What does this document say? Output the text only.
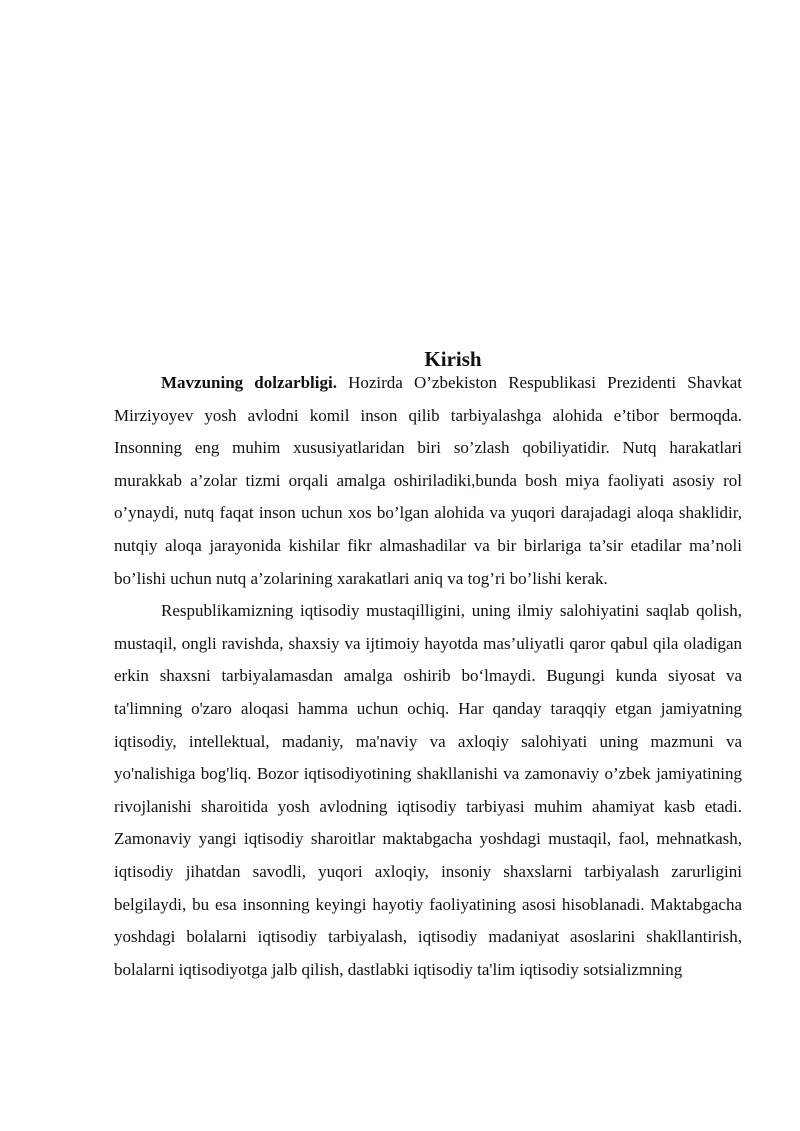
Kirish

Mavzuning dolzarbligi. Hozirda O’zbekiston Respublikasi Prezidenti Shavkat Mirziyoyev yosh avlodni komil inson qilib tarbiyalashga alohida e’tibor bermoqda. Insonning eng muhim xususiyatlaridan biri so’zlash qobiliyatidir. Nutq harakatlari murakkab a’zolar tizmi orqali amalga oshiriladiki,bunda bosh miya faoliyati asosiy rol o’ynaydi, nutq faqat inson uchun xos bo’lgan alohida va yuqori darajadagi aloqa shaklidir, nutqiy aloqa jarayonida kishilar fikr almashadilar va bir birlariga ta’sir etadilar ma’noli bo’lishi uchun nutq a’zolarining xarakatlari aniq va tog’ri bo’lishi kerak.

Respublikamizning iqtisodiy mustaqilligini, uning ilmiy salohiyatini saqlab qolish, mustaqil, ongli ravishda, shaxsiy va ijtimoiy hayotda mas’uliyatli qaror qabul qila oladigan erkin shaxsni tarbiyalamasdan amalga oshirib bo‘lmaydi. Bugungi kunda siyosat va ta'limning o'zaro aloqasi hamma uchun ochiq. Har qanday taraqqiy etgan jamiyatning iqtisodiy, intellektual, madaniy, ma'naviy va axloqiy salohiyati uning mazmuni va yo'nalishiga bog'liq. Bozor iqtisodiyotining shakllanishi va zamonaviy o’zbek jamiyatining rivojlanishi sharoitida yosh avlodning iqtisodiy tarbiyasi muhim ahamiyat kasb etadi. Zamonaviy yangi iqtisodiy sharoitlar maktabgacha yoshdagi mustaqil, faol, mehnatkash, iqtisodiy jihatdan savodli, yuqori axloqiy, insoniy shaxslarni tarbiyalash zarurligini belgilaydi, bu esa insonning keyingi hayotiy faoliyatining asosi hisoblanadi. Maktabgacha yoshdagi bolalarni iqtisodiy tarbiyalash, iqtisodiy madaniyat asoslarini shakllantirish, bolalarni iqtisodiyotga jalb qilish, dastlabki iqtisodiy ta'lim iqtisodiy sotsializmning
